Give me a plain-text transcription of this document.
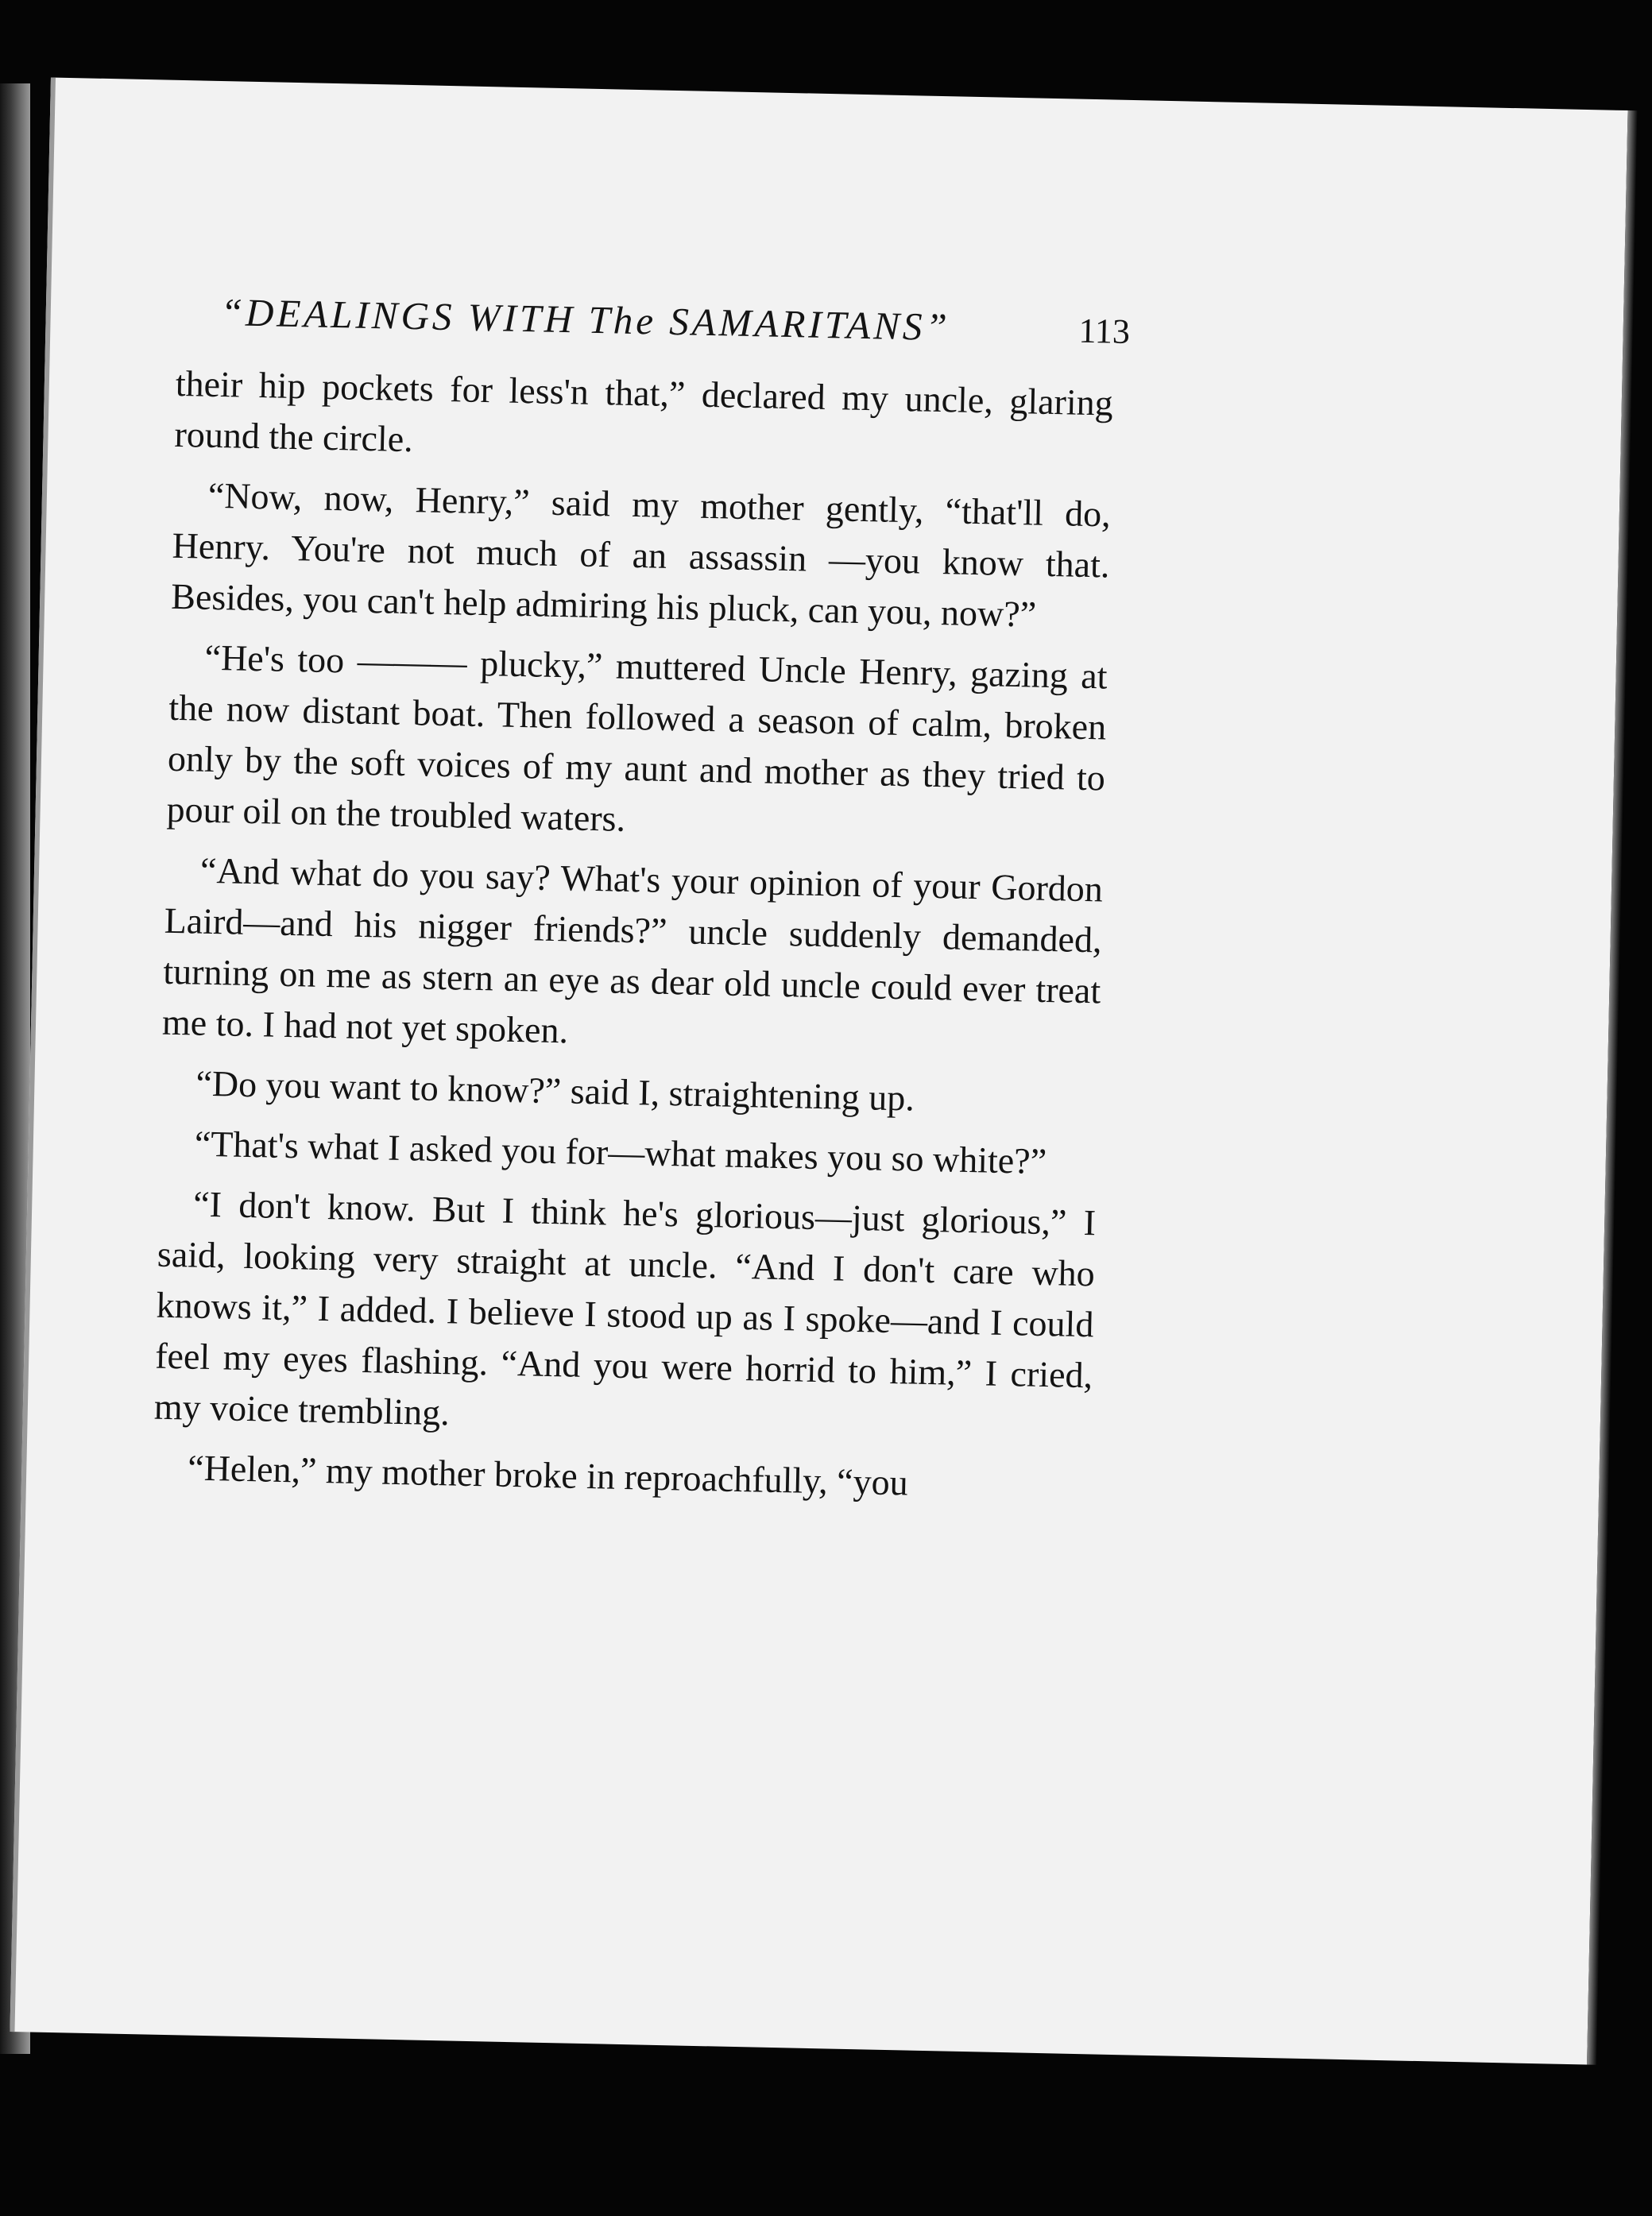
“DEALINGS WITH The SAMARITANS”	113

their hip pockets for less'n that,” declared my uncle, glaring round the circle.

“Now, now, Henry,” said my mother gently, “that'll do, Henry. You're not much of an assassin —you know that. Besides, you can't help admiring his pluck, can you, now?”

“He's too ——— plucky,” muttered Uncle Henry, gazing at the now distant boat. Then followed a season of calm, broken only by the soft voices of my aunt and mother as they tried to pour oil on the troubled waters.

“And what do you say? What's your opinion of your Gordon Laird—and his nigger friends?” uncle suddenly demanded, turning on me as stern an eye as dear old uncle could ever treat me to. I had not yet spoken.

“Do you want to know?” said I, straightening up.

“That's what I asked you for—what makes you so white?”

“I don't know. But I think he's glorious—just glorious,” I said, looking very straight at uncle. “And I don't care who knows it,” I added. I believe I stood up as I spoke—and I could feel my eyes flashing. “And you were horrid to him,” I cried, my voice trembling.

“Helen,” my mother broke in reproachfully, “you
